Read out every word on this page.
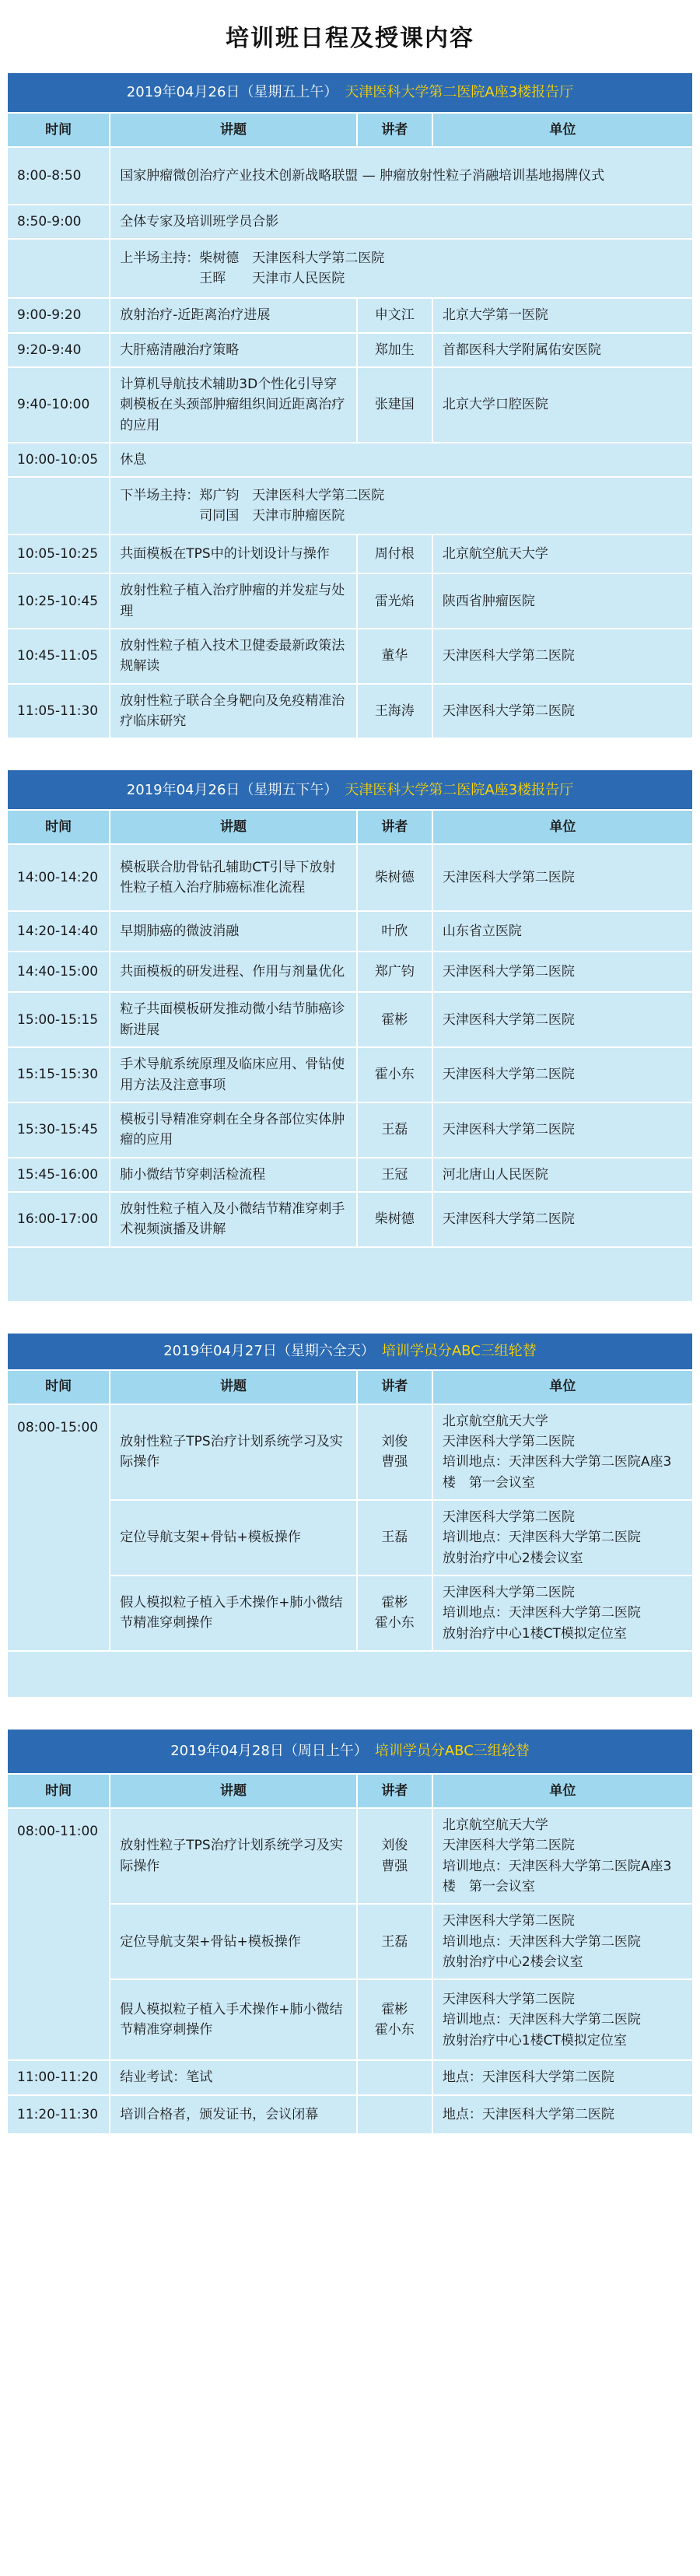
培训班日程及授课内容
2019年04月26日（星期五上午）　 天津医科大学第二医院A座3楼报告厅			
时间	讲题	讲者	单位
8:00-8:50	国家肿瘤微创治疗产业技术创新战略联盟 — 肿瘤放射性粒子消融培训基地揭牌仪式		
8:50-9:00	全体专家及培训班学员合影		
	上半场主持：柴树德　天津医科大学第二医院
　　　　　　王晖　　天津市人民医院		
9:00-9:20	放射治疗-近距离治疗进展	申文江	北京大学第一医院
9:20-9:40	大肝癌清融治疗策略	郑加生	首都医科大学附属佑安医院
9:40-10:00	计算机导航技术辅助3D个性化引导穿刺模板在头颈部肿瘤组织间近距离治疗的应用	张建国	北京大学口腔医院
10:00-10:05	休息		
	下半场主持：郑广钧　天津医科大学第二医院
　　　　　　司同国　天津市肿瘤医院		
10:05-10:25	共面模板在TPS中的计划设计与操作	周付根	北京航空航天大学
10:25-10:45	放射性粒子植入治疗肿瘤的并发症与处理	雷光焰	陕西省肿瘤医院
10:45-11:05	放射性粒子植入技术卫健委最新政策法规解读	董华	天津医科大学第二医院
11:05-11:30	放射性粒子联合全身靶向及免疫精准治疗临床研究	王海涛	天津医科大学第二医院
2019年04月26日（星期五下午）　 天津医科大学第二医院A座3楼报告厅			
时间	讲题	讲者	单位
14:00-14:20	模板联合肋骨钻孔辅助CT引导下放射性粒子植入治疗肺癌标准化流程	柴树德	天津医科大学第二医院
14:20-14:40	早期肺癌的微波消融	叶欣	山东省立医院
14:40-15:00	共面模板的研发进程、作用与剂量优化	郑广钧	天津医科大学第二医院
15:00-15:15	粒子共面模板研发推动微小结节肺癌诊断进展	霍彬	天津医科大学第二医院
15:15-15:30	手术导航系统原理及临床应用、骨钻使用方法及注意事项	霍小东	天津医科大学第二医院
15:30-15:45	模板引导精准穿刺在全身各部位实体肿瘤的应用	王磊	天津医科大学第二医院
15:45-16:00	肺小微结节穿刺活检流程	王冠	河北唐山人民医院
16:00-17:00	放射性粒子植入及小微结节精准穿刺手术视频演播及讲解	柴树德	天津医科大学第二医院

2019年04月27日（星期六全天）　 培训学员分ABC三组轮替			
时间	讲题	讲者	单位
08:00-15:00	放射性粒子TPS治疗计划系统学习及实际操作	刘俊
曹强	北京航空航天大学
天津医科大学第二医院
培训地点：天津医科大学第二医院A座3楼　第一会议室
	定位导航支架+骨钻+模板操作	王磊	天津医科大学第二医院
培训地点：天津医科大学第二医院
放射治疗中心2楼会议室
	假人模拟粒子植入手术操作+肺小微结节精准穿刺操作	霍彬
霍小东	天津医科大学第二医院
培训地点：天津医科大学第二医院
放射治疗中心1楼CT模拟定位室

2019年04月28日（周日上午）　 培训学员分ABC三组轮替			
时间	讲题	讲者	单位
08:00-11:00	放射性粒子TPS治疗计划系统学习及实际操作	刘俊
曹强	北京航空航天大学
天津医科大学第二医院
培训地点：天津医科大学第二医院A座3楼　第一会议室
	定位导航支架+骨钻+模板操作	王磊	天津医科大学第二医院
培训地点：天津医科大学第二医院
放射治疗中心2楼会议室
	假人模拟粒子植入手术操作+肺小微结节精准穿刺操作	霍彬
霍小东	天津医科大学第二医院
培训地点：天津医科大学第二医院
放射治疗中心1楼CT模拟定位室
11:00-11:20	结业考试：笔试		地点：天津医科大学第二医院
11:20-11:30	培训合格者，颁发证书，会议闭幕		地点：天津医科大学第二医院
